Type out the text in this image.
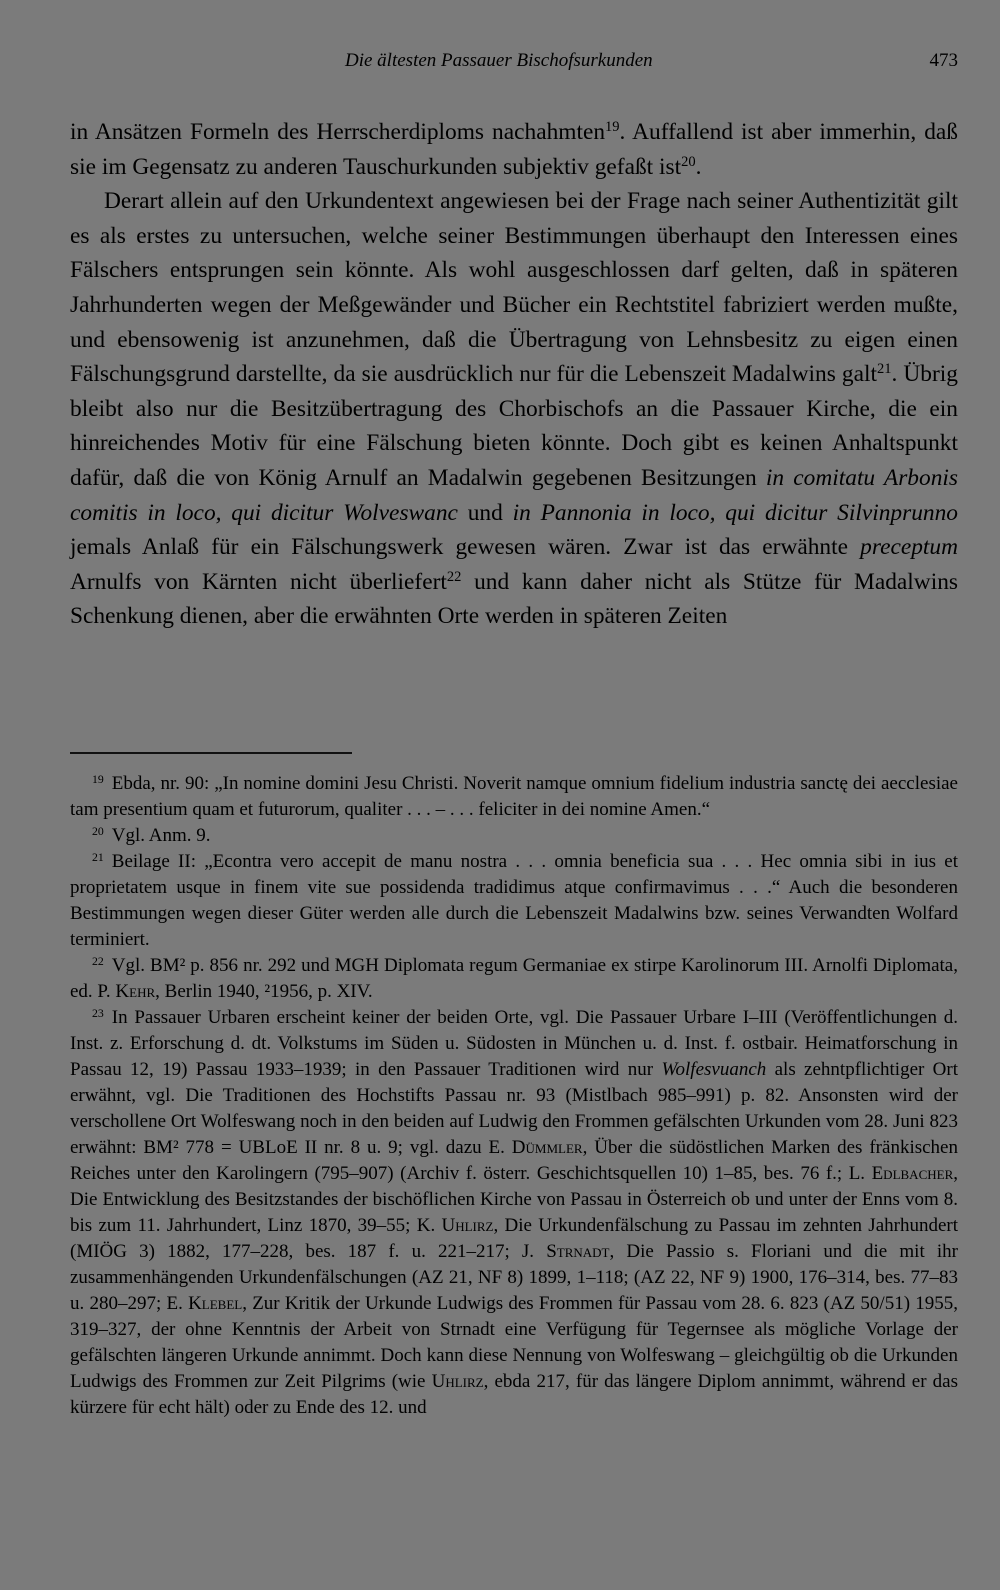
Die ältesten Passauer Bischofsurkunden	473

in Ansätzen Formeln des Herrscherdiploms nachahmten$^{19}$. Auffallend ist aber immerhin, daß sie im Gegensatz zu anderen Tauschurkunden subjektiv gefaßt ist$^{20}$.

Derart allein auf den Urkundentext angewiesen bei der Frage nach seiner Authentizität gilt es als erstes zu untersuchen, welche seiner Bestimmungen überhaupt den Interessen eines Fälschers entsprungen sein könnte. Als wohl ausgeschlossen darf gelten, daß in späteren Jahrhunderten wegen der Meßgewänder und Bücher ein Rechtstitel fabriziert werden mußte, und ebensowenig ist anzunehmen, daß die Übertragung von Lehnsbesitz zu eigen einen Fälschungsgrund darstellte, da sie ausdrücklich nur für die Lebenszeit Madalwins galt$^{21}$. Übrig bleibt also nur die Besitzübertragung des Chorbischofs an die Passauer Kirche, die ein hinreichendes Motiv für eine Fälschung bieten könnte. Doch gibt es keinen Anhaltspunkt dafür, daß die von König Arnulf an Madalwin gegebenen Besitzungen in comitatu Arbonis comitis in loco, qui dicitur Wolveswanc und in Pannonia in loco, qui dicitur Silvinprunno jemals Anlaß für ein Fälschungswerk gewesen wären. Zwar ist das erwähnte preceptum Arnulfs von Kärnten nicht überliefert$^{22}$ und kann daher nicht als Stütze für Madalwins Schenkung dienen, aber die erwähnten Orte werden in späteren Zeiten

$^{19}$ Ebda, nr. 90: „In nomine domini Jesu Christi. Noverit namque omnium fidelium industria sanctę dei aecclesiae tam presentium quam et futurorum, qualiter . . . – . . . feliciter in dei nomine Amen.“

$^{20}$ Vgl. Anm. 9.

$^{21}$ Beilage II: „Econtra vero accepit de manu nostra . . . omnia beneficia sua . . . Hec omnia sibi in ius et proprietatem usque in finem vite sue possidenda tradidimus atque confirmavimus . . .“ Auch die besonderen Bestimmungen wegen dieser Güter werden alle durch die Lebenszeit Madalwins bzw. seines Verwandten Wolfard terminiert.

$^{22}$ Vgl. BM² p. 856 nr. 292 und MGH Diplomata regum Germaniae ex stirpe Karolinorum III. Arnolfi Diplomata, ed. P. Kehr, Berlin 1940, ²1956, p. XIV.

$^{23}$ In Passauer Urbaren erscheint keiner der beiden Orte, vgl. Die Passauer Urbare I–III (Veröffentlichungen d. Inst. z. Erforschung d. dt. Volkstums im Süden u. Südosten in München u. d. Inst. f. ostbair. Heimatforschung in Passau 12, 19) Passau 1933–1939; in den Passauer Traditionen wird nur Wolfesvuanch als zehntpflichtiger Ort erwähnt, vgl. Die Traditionen des Hochstifts Passau nr. 93 (Mistlbach 985–991) p. 82. Ansonsten wird der verschollene Ort Wolfeswang noch in den beiden auf Ludwig den Frommen gefälschten Urkunden vom 28. Juni 823 erwähnt: BM² 778 = UBLoE II nr. 8 u. 9; vgl. dazu E. Dümmler, Über die südöstlichen Marken des fränkischen Reiches unter den Karolingern (795–907) (Archiv f. österr. Geschichtsquellen 10) 1–85, bes. 76 f.; L. Edlbacher, Die Entwicklung des Besitzstandes der bischöflichen Kirche von Passau in Österreich ob und unter der Enns vom 8. bis zum 11. Jahrhundert, Linz 1870, 39–55; K. Uhlirz, Die Urkundenfälschung zu Passau im zehnten Jahrhundert (MIÖG 3) 1882, 177–228, bes. 187 f. u. 221–217; J. Strnadt, Die Passio s. Floriani und die mit ihr zusammenhängenden Urkundenfälschungen (AZ 21, NF 8) 1899, 1–118; (AZ 22, NF 9) 1900, 176–314, bes. 77–83 u. 280–297; E. Klebel, Zur Kritik der Urkunde Ludwigs des Frommen für Passau vom 28. 6. 823 (AZ 50/51) 1955, 319–327, der ohne Kenntnis der Arbeit von Strnadt eine Verfügung für Tegernsee als mögliche Vorlage der gefälschten längeren Urkunde annimmt. Doch kann diese Nennung von Wolfeswang – gleichgültig ob die Urkunden Ludwigs des Frommen zur Zeit Pilgrims (wie Uhlirz, ebda 217, für das längere Diplom annimmt, während er das kürzere für echt hält) oder zu Ende des 12. und
